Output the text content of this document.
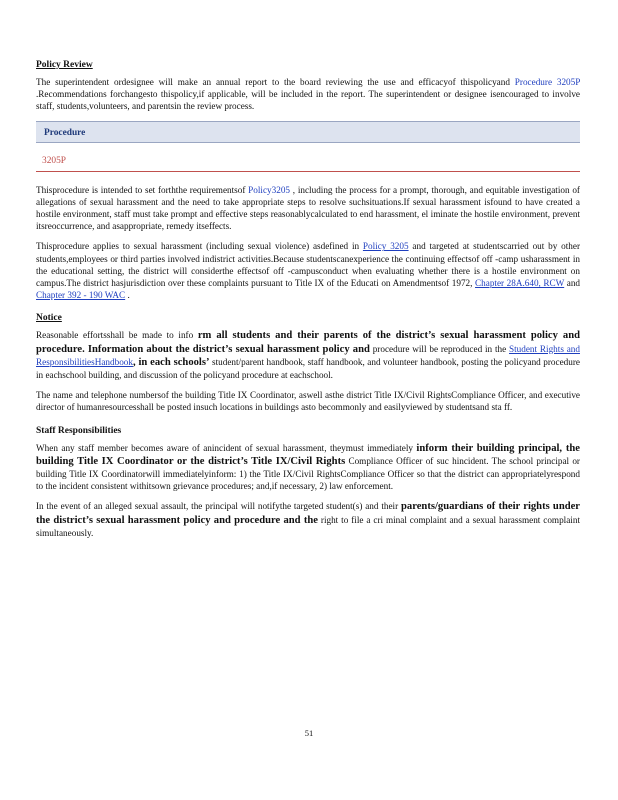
Policy Review

The superintendent ordesignee will make an annual report to the board reviewing the use and efficacyof thispolicyand Procedure 3205P .Recommendations forchangesto thispolicy,if applicable, will be included in the report. The superintendent or designee isencouraged to involve staff, students,volunteers, and parentsin the review process.

Procedure
3205P

Thisprocedure is intended to set forththe requirementsof Policy3205 , including the process for a prompt, thorough, and equitable investigation of allegations of sexual harassment and the need to take appropriate steps to resolve suchsituations.If sexual harassment isfound to have created a hostile environment, staff must take prompt and effective steps reasonablycalculated to end harassment, el iminate the hostile environment, prevent itsreoccurrence, and asappropriate, remedy itseffects.

Thisprocedure applies to sexual harassment (including sexual violence) asdefined in Policy 3205 and targeted at studentscarried out by other students,employees or third parties involved indistrict activities.Because studentscanexperience the continuing effectsof off -camp usharassment in the educational setting, the district will considerthe effectsof off -campusconduct when evaluating whether there is a hostile environment on campus.The district hasjurisdiction over these complaints pursuant to Title IX of the Educati on Amendmentsof 1972, Chapter 28A.640, RCW and Chapter 392 - 190 WAC .

Notice

Reasonable effortsshall be made to info rm all students and their parents of the district’s sexual harassment policy and procedure. Information about the district’s sexual harassment policy and procedure will be reproduced in the Student Rights and ResponsibilitiesHandbook, in each schools’ student/parent handbook, staff handbook, and volunteer handbook, posting the policyand procedure in eachschool building, and discussion of the policyand procedure at eachschool.

The name and telephone numbersof the building Title IX Coordinator, aswell asthe district Title IX/Civil RightsCompliance Officer, and executive director of humanresourcesshall be posted insuch locations in buildings asto becommonly and easilyviewed by studentsand sta ff.

Staff Responsibilities

When any staff member becomes aware of anincident of sexual harassment, theymust immediately inform their building principal, the building Title IX Coordinator or the district’s Title IX/Civil Rights Compliance Officer of suc hincident. The school principal or building Title IX Coordinatorwill immediatelyinform: 1) the Title IX/Civil RightsCompliance Officer so that the district can appropriatelyrespond to the incident consistent withitsown grievance procedures; and,if necessary, 2) law enforcement.

In the event of an alleged sexual assault, the principal will notifythe targeted student(s) and their parents/guardians of their rights under the district’s sexual harassment policy and procedure and the right to file a cri minal complaint and a sexual harassment complaint simultaneously.

51
